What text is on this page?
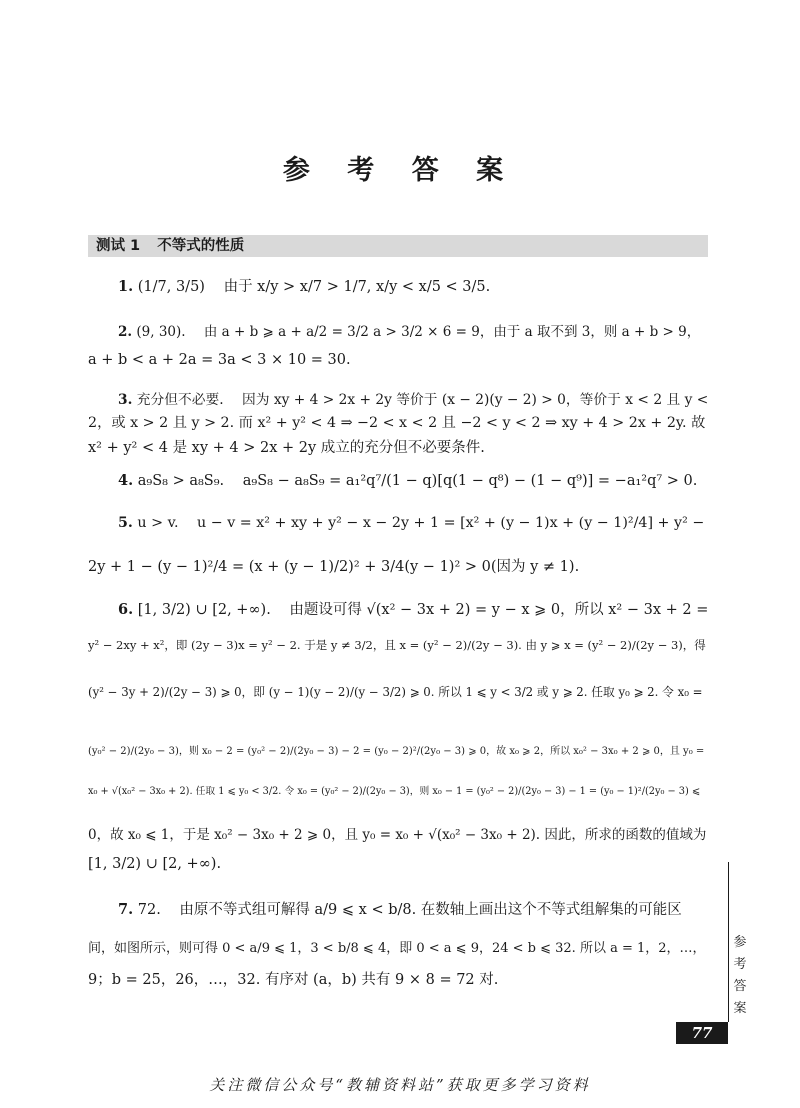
参 考 答 案
测试 1 不等式的性质
1. (1/7, 3/5) 由于 x/y > x/7 > 1/7, x/y < x/5 < 3/5.
2. (9, 30). 由 a + b ⩾ a + a/2 = 3/2 a > 3/2 × 6 = 9，由于 a 取不到 3，则 a + b > 9，
a + b < a + 2a = 3a < 3 × 10 = 30.
3. 充分但不必要. 因为 xy + 4 > 2x + 2y 等价于 (x − 2)(y − 2) > 0，等价于 x < 2 且 y <
2，或 x > 2 且 y > 2. 而 x² + y² < 4 ⇒ −2 < x < 2 且 −2 < y < 2 ⇒ xy + 4 > 2x + 2y. 故
x² + y² < 4 是 xy + 4 > 2x + 2y 成立的充分但不必要条件.
4. a₉S₈ > a₈S₉. a₉S₈ − a₈S₉ = a₁²q⁷/(1 − q)[q(1 − q⁸) − (1 − q⁹)] = −a₁²q⁷ > 0.
5. u > v. u − v = x² + xy + y² − x − 2y + 1 = [x² + (y − 1)x + (y − 1)²/4] + y² −
2y + 1 − (y − 1)²/4 = (x + (y − 1)/2)² + 3/4(y − 1)² > 0(因为 y ≠ 1).
6. [1, 3/2) ∪ [2, +∞). 由题设可得 √(x² − 3x + 2) = y − x ⩾ 0，所以 x² − 3x + 2 =
y² − 2xy + x²，即 (2y − 3)x = y² − 2. 于是 y ≠ 3/2，且 x = (y² − 2)/(2y − 3). 由 y ⩾ x = (y² − 2)/(2y − 3)，得
(y² − 3y + 2)/(2y − 3) ⩾ 0，即 (y − 1)(y − 2)/(y − 3/2) ⩾ 0. 所以 1 ⩽ y < 3/2 或 y ⩾ 2. 任取 y₀ ⩾ 2. 令 x₀ =
(y₀² − 2)/(2y₀ − 3)，则 x₀ − 2 = (y₀² − 2)/(2y₀ − 3) − 2 = (y₀ − 2)²/(2y₀ − 3) ⩾ 0，故 x₀ ⩾ 2，所以 x₀² − 3x₀ + 2 ⩾ 0，且 y₀ =
x₀ + √(x₀² − 3x₀ + 2). 任取 1 ⩽ y₀ < 3/2. 令 x₀ = (y₀² − 2)/(2y₀ − 3)，则 x₀ − 1 = (y₀² − 2)/(2y₀ − 3) − 1 = (y₀ − 1)²/(2y₀ − 3) ⩽
0，故 x₀ ⩽ 1，于是 x₀² − 3x₀ + 2 ⩾ 0，且 y₀ = x₀ + √(x₀² − 3x₀ + 2). 因此，所求的函数的值域为
[1, 3/2) ∪ [2, +∞).
7. 72. 由原不等式组可解得 a/9 ⩽ x < b/8. 在数轴上画出这个不等式组解集的可能区
间，如图所示，则可得 0 < a/9 ⩽ 1，3 < b/8 ⩽ 4，即 0 < a ⩽ 9，24 < b ⩽ 32. 所以 a = 1，2，…，
9；b = 25，26，…，32. 有序对 (a，b) 共有 9 × 8 = 72 对.
参
考
答
案
77
关注微信公众号“教辅资料站”获取更多学习资料
